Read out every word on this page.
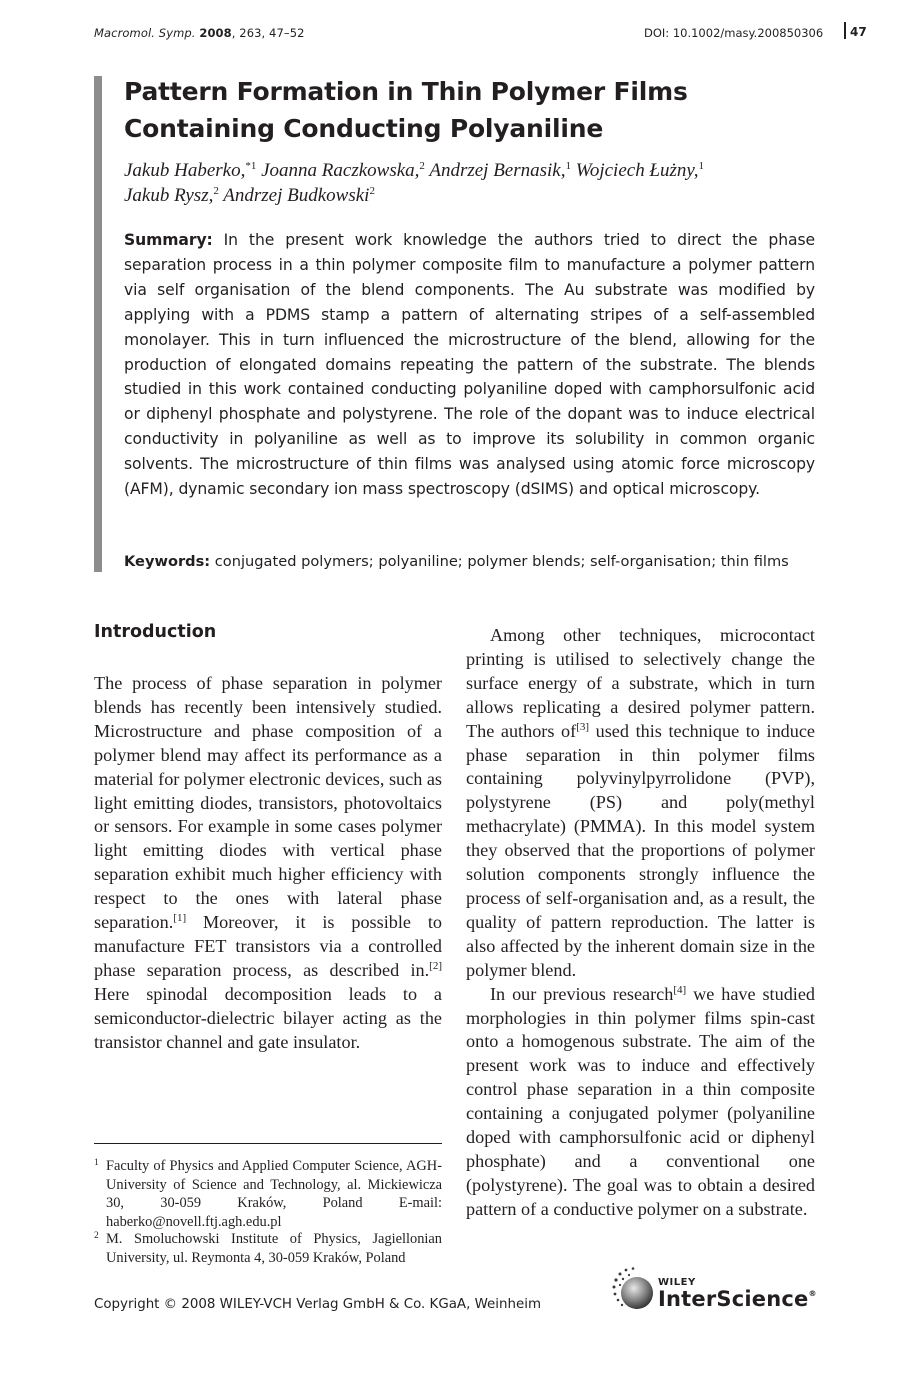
Macromol. Symp. 2008, 263, 47–52	DOI: 10.1002/masy.200850306 47
Pattern Formation in Thin Polymer Films Containing Conducting Polyaniline
Jakub Haberko,$^{*1}$ Joanna Raczkowska,$^2$ Andrzej Bernasik,$^1$ Wojciech Łużny,$^1$
Jakub Rysz,$^2$ Andrzej Budkowski$^2$
Summary: In the present work knowledge the authors tried to direct the phase separation process in a thin polymer composite film to manufacture a polymer pattern via self organisation of the blend components. The Au substrate was modified by applying with a PDMS stamp a pattern of alternating stripes of a self-assembled monolayer. This in turn influenced the microstructure of the blend, allowing for the production of elongated domains repeating the pattern of the substrate. The blends studied in this work contained conducting polyaniline doped with camphorsulfonic acid or diphenyl phosphate and polystyrene. The role of the dopant was to induce electrical conductivity in polyaniline as well as to improve its solubility in common organic solvents. The microstructure of thin films was analysed using atomic force microscopy (AFM), dynamic secondary ion mass spectroscopy (dSIMS) and optical microscopy.
Keywords: conjugated polymers; polyaniline; polymer blends; self-organisation; thin films
Introduction

The process of phase separation in polymer blends has recently been intensively studied. Microstructure and phase composition of a polymer blend may affect its performance as a material for polymer electronic devices, such as light emitting diodes, transistors, photovoltaics or sensors. For example in some cases polymer light emitting diodes with vertical phase separation exhibit much higher efficiency with respect to the ones with lateral phase separation.[1] Moreover, it is possible to manufacture FET transistors via a controlled phase separation process, as described in.[2] Here spinodal decomposition leads to a semiconductor-dielectric bilayer acting as the transistor channel and gate insulator.

Among other techniques, microcontact printing is utilised to selectively change the surface energy of a substrate, which in turn allows replicating a desired polymer pattern. The authors of[3] used this technique to induce phase separation in thin polymer films containing polyvinylpyrrolidone (PVP), polystyrene (PS) and poly(methyl methacrylate) (PMMA). In this model system they observed that the proportions of polymer solution components strongly influence the process of self-organisation and, as a result, the quality of pattern reproduction. The latter is also affected by the inherent domain size in the polymer blend.

In our previous research[4] we have studied morphologies in thin polymer films spin-cast onto a homogenous substrate. The aim of the present work was to induce and effectively control phase separation in a thin composite containing a conjugated polymer (polyaniline doped with camphorsulfonic acid or diphenyl phosphate) and a conventional one (polystyrene). The goal was to obtain a desired pattern of a conductive polymer on a substrate.

1 Faculty of Physics and Applied Computer Science, AGH-University of Science and Technology, al. Mickiewicza 30, 30-059 Kraków, Poland E-mail: haberko@novell.ftj.agh.edu.pl
2 M. Smoluchowski Institute of Physics, Jagiellonian University, ul. Reymonta 4, 30-059 Kraków, Poland
Copyright © 2008 WILEY-VCH Verlag GmbH & Co. KGaA, Weinheim
WILEY
InterScience®
